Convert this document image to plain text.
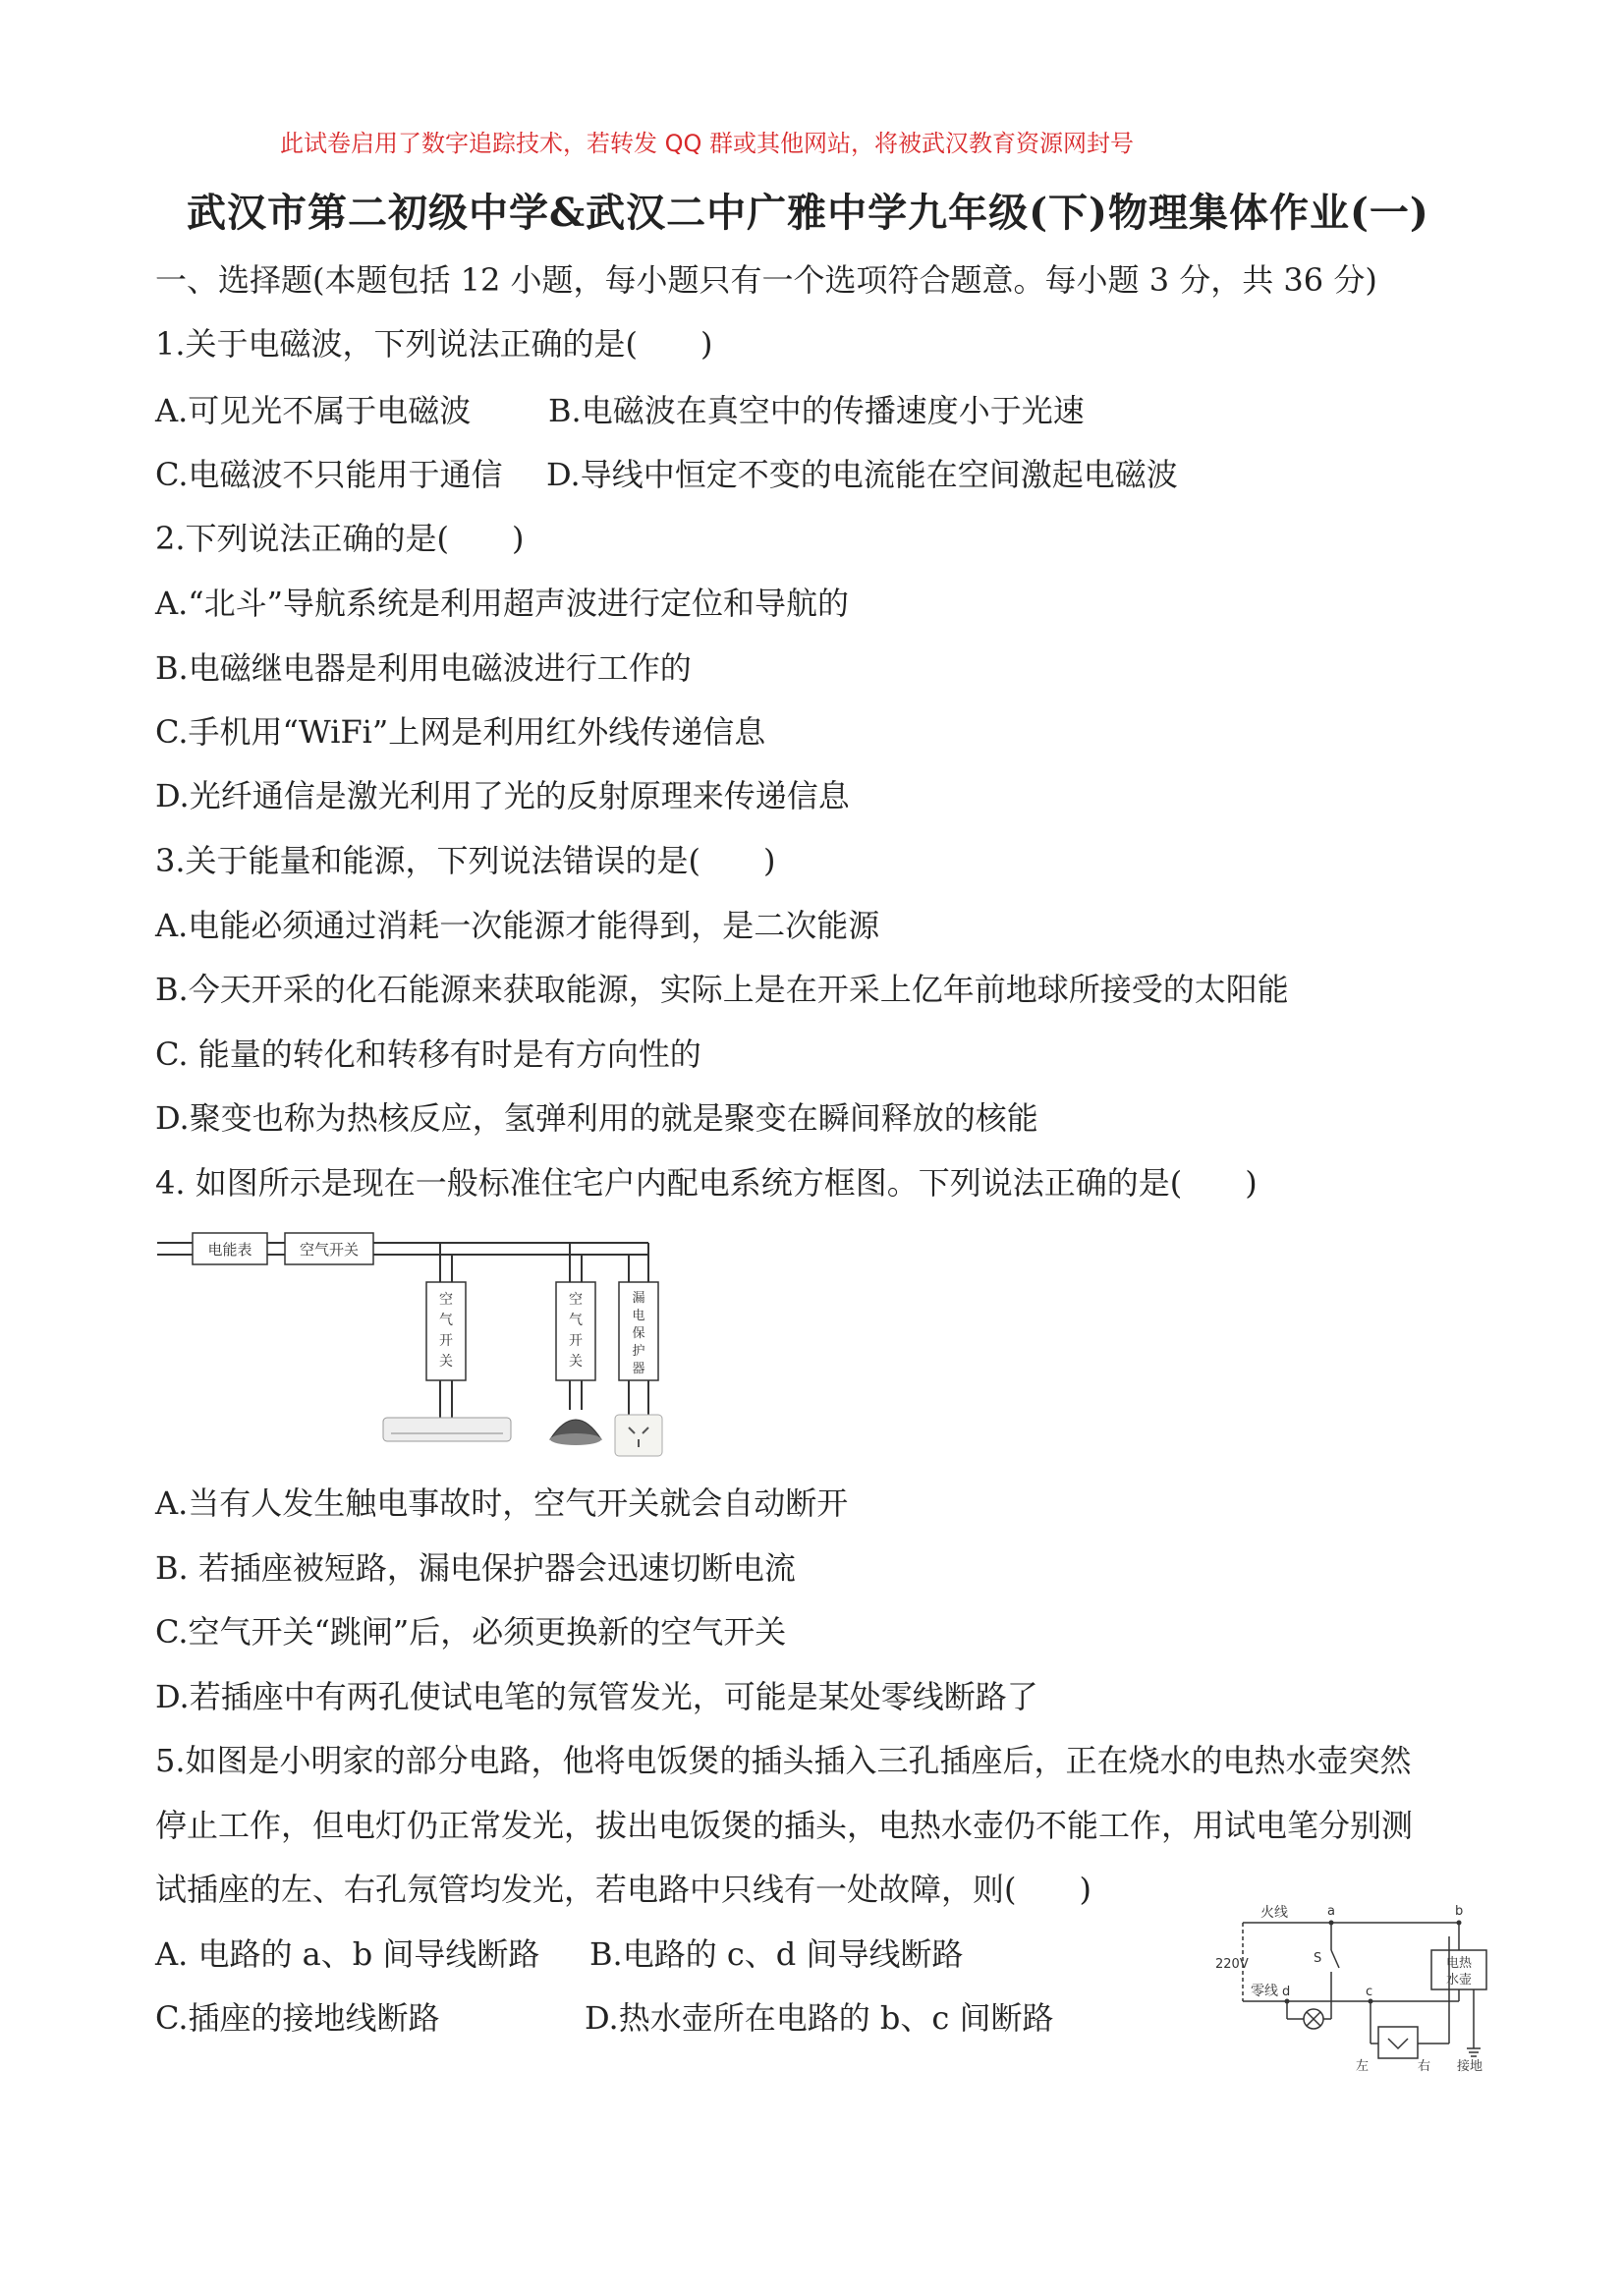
此试卷启用了数字追踪技术，若转发 QQ 群或其他网站，将被武汉教育资源网封号
武汉市第二初级中学&武汉二中广雅中学九年级(下)物理集体作业(一)
一、选择题(本题包括 12 小题，每小题只有一个选项符合题意。每小题 3 分，共 36 分)
1.关于电磁波，下列说法正确的是(　　)
A.可见光不属于电磁波 B.电磁波在真空中的传播速度小于光速
C.电磁波不只能用于通信 D.导线中恒定不变的电流能在空间激起电磁波
2.下列说法正确的是(　　)
A.“北斗”导航系统是利用超声波进行定位和导航的
B.电磁继电器是利用电磁波进行工作的
C.手机用“WiFi”上网是利用红外线传递信息
D.光纤通信是激光利用了光的反射原理来传递信息
3.关于能量和能源，下列说法错误的是(　　)
A.电能必须通过消耗一次能源才能得到，是二次能源
B.今天开采的化石能源来获取能源，实际上是在开采上亿年前地球所接受的太阳能
C. 能量的转化和转移有时是有方向性的
D.聚变也称为热核反应，氢弹利用的就是聚变在瞬间释放的核能
4. 如图所示是现在一般标准住宅户内配电系统方框图。下列说法正确的是(　　)
电能表	空气开关
空
气
开
关
空
气
开
关
漏
电
保
护
器
A.当有人发生触电事故时，空气开关就会自动断开
B. 若插座被短路，漏电保护器会迅速切断电流
C.空气开关“跳闸”后，必须更换新的空气开关
D.若插座中有两孔使试电笔的氖管发光，可能是某处零线断路了
5.如图是小明家的部分电路，他将电饭煲的插头插入三孔插座后，正在烧水的电热水壶突然
停止工作，但电灯仍正常发光，拔出电饭煲的插头，电热水壶仍不能工作，用试电笔分别测
试插座的左、右孔氖管均发光，若电路中只线有一处故障，则(　　)
A. 电路的 a、b 间导线断路 B.电路的 c、d 间导线断路
C.插座的接地线断路	D.热水壶所在电路的 b、c 间断路
火线
零线
220V
a	b
c
d
S	电热
水壶
左	右 接地
